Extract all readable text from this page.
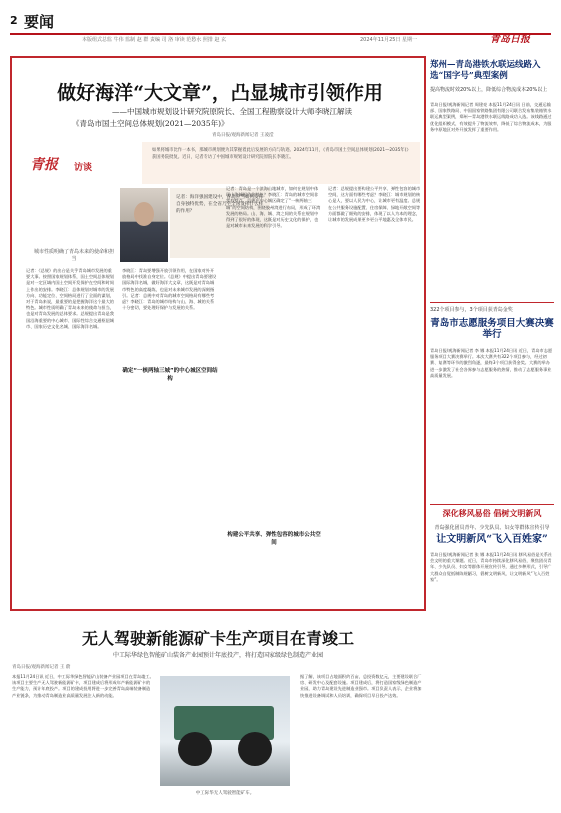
2 要闻
本版组式总监 牛伟 监制 赵 群 责编 司 洛 审读 范愁水 照排 赵 玄	2024年11月25日 星期一	青岛日报
做好海洋“大文章”，凸显城市引领作用
——中国城市规划设计研究院原院长、全国工程勘察设计大师李晓江解读
《青岛市国土空间总体规划(2021—2035年)》
青岛日报/观海新闻记者 王凌滢
青报 访谈
如果将城市比作一本书，那城市规划便为其掌握着此后发展的方向与轨迹。2024年11月，《青岛市国土空间总体规划(2021—2035年)》获国务院批复。近日，记者专访了中国城市规划设计研究院原院长李晓江。
记者：海洋强国建设中，青岛应当如何发挥自身独特优势，在全省乃至全国发挥什么样的作用？
城市性质明确了青岛未来的使命和担当
记者：《总规》的出台是关乎青岛城市发展的重要大事。按照国家规划体系，国土空间总体规划是对一定区域内国土空间开发保护在空间和时间上作出的安排。李晓江：总体规划对城市的发展方向、功能定位、空间格局进行了全面的谋划，对于青岛来说，最重要的是把握海洋这个最大的特色。城市性质明确了青岛未来的使命与担当，也是对青岛发展的总体要求。总规提出青岛是我国沿海重要的中心城市、国际性综合交通枢纽城市、国家历史文化名城、国际海洋名城。
李晓江：青岛要增强开放引领作用，在国家对外开放格局中找准自身定位。《总规》中提出青岛要建设国际海洋名城，做好海洋大文章，这既是对青岛城市特色的高度凝练，也是对未来城市发展的深刻指引。记者：总规中对青岛的城市空间格局有哪些考虑？李晓江：青岛的城市结构与山、海、城的关系十分密切，要处理好保护与发展的关系。
确定“一核两轴三城”的中心城区空间结构
记者：青岛是一个滨海山地城市，如何在规划中体现山海城相依的特色？李晓江：青岛的城市空间非常有特点，总规在中心城区确定了“一核两轴三城”的空间结构，围绕胶州湾进行布局，形成了环湾发展的格局。山、海、城、湾之间的关系在规划中得到了很好的体现，这既是对历史文化的保护，也是对城市未来发展的科学引导。
构建公平共享、弹性包容的城市公共空间
记者：总规提出要构建公平共享、弹性包容的城市空间，这方面有哪些考虑？李晓江：城市规划的核心是人，要以人民为中心，让城市更有温度。总规在公共服务设施配置、住房保障、绿地开敞空间等方面都做了细致的安排，体现了以人为本的理念，让城市的发展成果更多更公平地惠及全体市民。
郑州—青岛港铁水联运线路入选“国字号”典型案例
提高物流时效20%以上，降低综合物流成本20%以上
青岛日报/观海新闻记者 周建亮 本报11月24日讯 日前，交通运输部、国家铁路局、中国国家铁路集团有限公司联合发布集装箱铁水联运典型案例，郑州—青岛港铁水联运线路成功入选。该线路通过优化组织模式，有效提升了物流效率，降低了综合物流成本，为服务中原地区对外开放发挥了重要作用。
322个项目参与，3个项目获青岛金奖
青岛市志愿服务项目大赛决赛举行
青岛日报/观海新闻记者 李 娜 本报11月24日讯 近日，青岛市志愿服务项目大赛决赛举行。本次大赛共有322个项目参与，经过初赛、复赛等环节的激烈角逐，最终3个项目获得金奖。大赛的举办进一步激发了社会各界参与志愿服务的热情，推动了志愿服务事业高质量发展。
深化移风易俗 倡树文明新风
青岛强化团员青年、少先队员、妇女等群体宣传引导
让文明新风“飞入百姓家”
青岛日报/观海新闻记者 张 娜 本报11月24日讯 移风易俗是关系社会文明的重大课题。近日，青岛市持续深化移风易俗，聚焦团员青年、少先队员、妇女等群体开展宣传引导，通过多种形式，引导广大群众自觉抵制陈规陋习，倡树文明新风，让文明新风“飞入百姓家”。
无人驾驶新能源矿卡生产项目在青竣工
中工际华绿色智能矿山装备产业园预计年底投产，将打造国家级绿色制造产业园
青岛日报/观海新闻记者 王 蔚
本报11月24日讯 近日，中工际华绿色智能矿山装备产业园项目在青岛竣工。该项目主要生产无人驾驶新能源矿卡，项目建成后将形成年产新能源矿卡的生产能力，预计年底投产。项目的建成投用将进一步完善青岛高端装备制造产业链条，为推动青岛制造业高质量发展注入新的动能。
中工际华无人驾驶智能矿车。
据了解，该项目占地面积约百亩，总投资数亿元，主要建设联合厂房、研发中心及配套设施。项目建成后，将打造国家级绿色制造产业园，助力青岛建设先进制造业强市。项目负责人表示，企业将加快推进设备调试和人员培训，确保项目早日投产达效。
